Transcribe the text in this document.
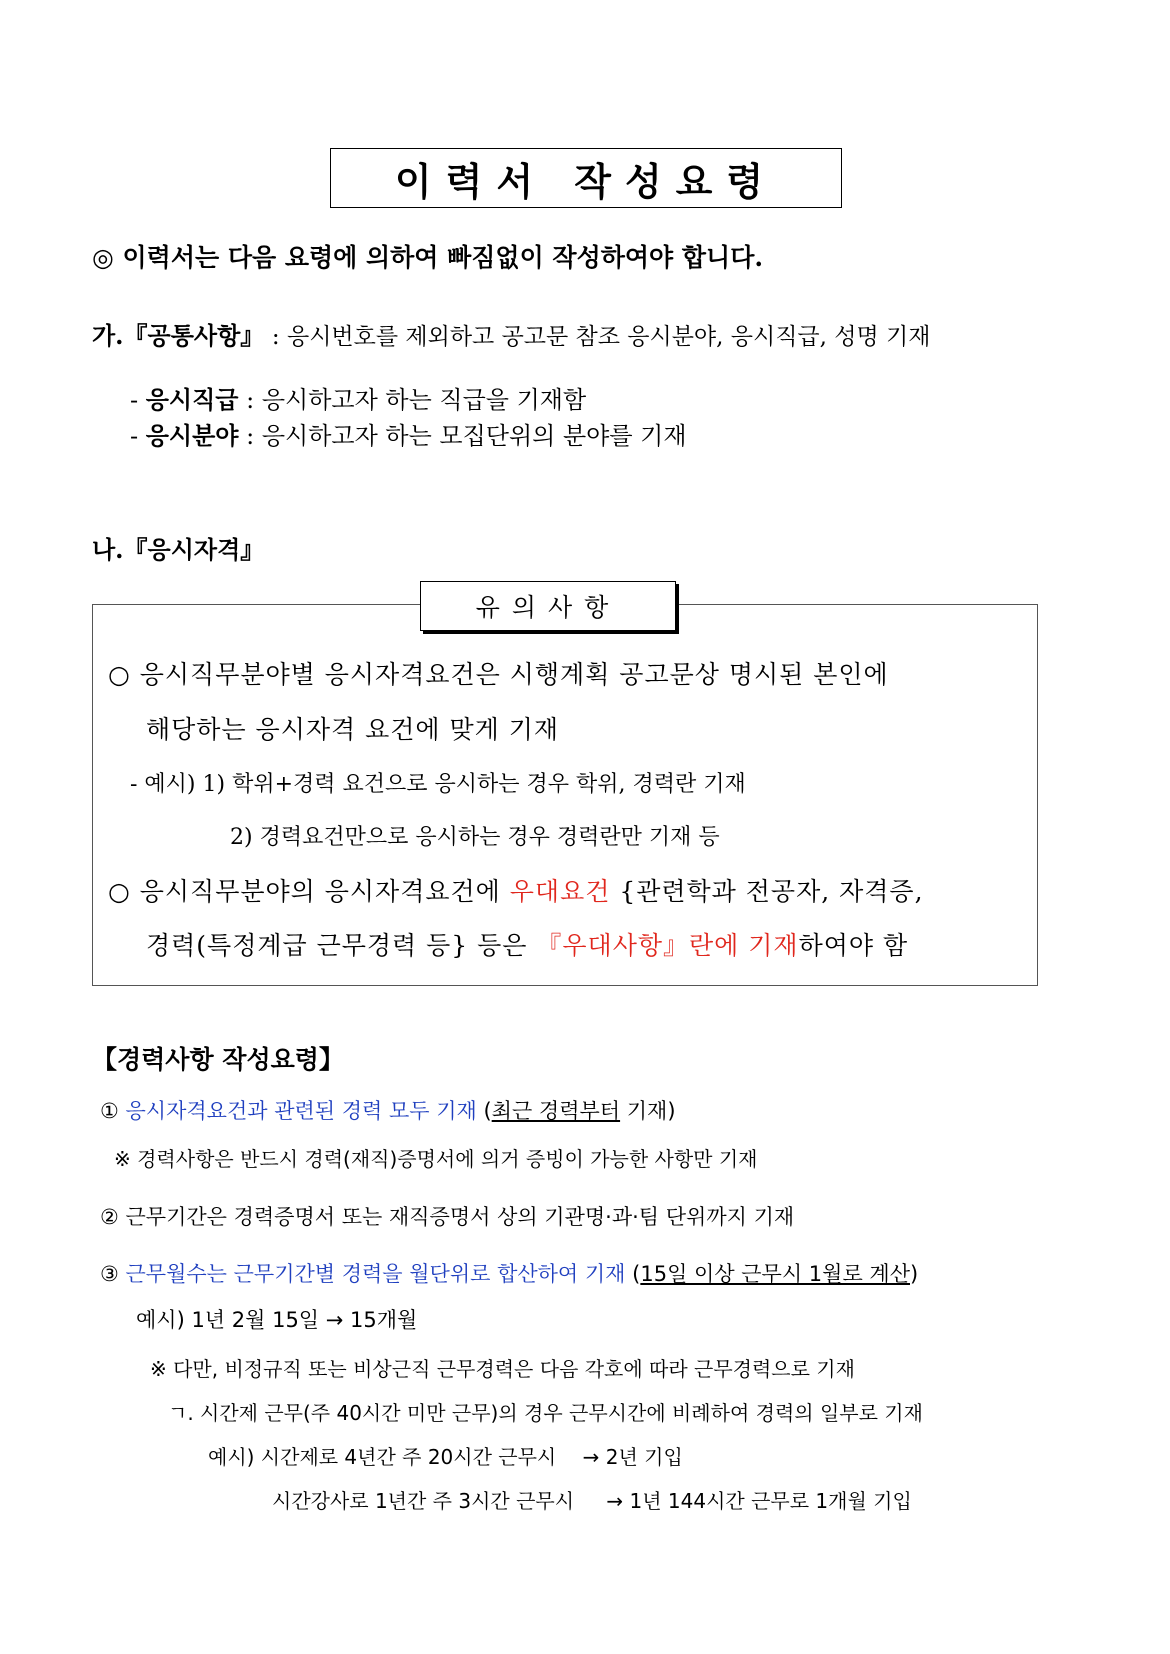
이력서 작성요령
◎ 이력서는 다음 요령에 의하여 빠짐없이 작성하여야 합니다.
가.『공통사항』 : 응시번호를 제외하고 공고문 참조 응시분야, 응시직급, 성명 기재
- 응시직급 : 응시하고자 하는 직급을 기재함
- 응시분야 : 응시하고자 하는 모집단위의 분야를 기재
나.『응시자격』
유의사항
○ 응시직무분야별 응시자격요건은 시행계획 공고문상 명시된 본인에
해당하는 응시자격 요건에 맞게 기재
- 예시) 1) 학위+경력 요건으로 응시하는 경우 학위, 경력란 기재
2) 경력요건만으로 응시하는 경우 경력란만 기재 등
○ 응시직무분야의 응시자격요건에 우대요건 {관련학과 전공자, 자격증,
경력(특정계급 근무경력 등} 등은 『우대사항』란에 기재하여야 함
【경력사항 작성요령】
① 응시자격요건과 관련된 경력 모두 기재 (최근 경력부터 기재)
※ 경력사항은 반드시 경력(재직)증명서에 의거 증빙이 가능한 사항만 기재
② 근무기간은 경력증명서 또는 재직증명서 상의 기관명·과·팀 단위까지 기재
③ 근무월수는 근무기간별 경력을 월단위로 합산하여 기재 (15일 이상 근무시 1월로 계산)
예시) 1년 2월 15일 → 15개월
※ 다만, 비정규직 또는 비상근직 근무경력은 다음 각호에 따라 근무경력으로 기재
ㄱ. 시간제 근무(주 40시간 미만 근무)의 경우 근무시간에 비례하여 경력의 일부로 기재
예시) 시간제로 4년간 주 20시간 근무시 → 2년 기입
시간강사로 1년간 주 3시간 근무시 → 1년 144시간 근무로 1개월 기입
